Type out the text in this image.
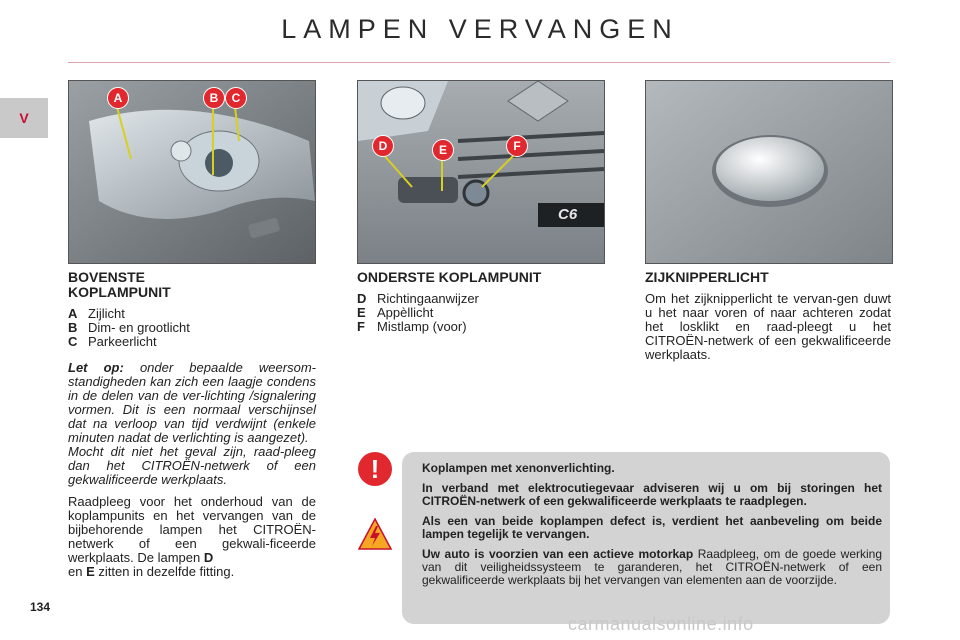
LAMPEN VERVANGEN
V
A	B	C
D	E	F
C6
BOVENSTE
KOPLAMPUNIT
A Zijlicht
B Dim- en grootlicht
C Parkeerlicht

Let op: onder bepaalde weersom-standigheden kan zich een laagje condens in de delen van de ver-lichting /signalering vormen. Dit is een normaal verschijnsel dat na verloop van tijd verdwijnt (enkele minuten nadat de verlichting is aangezet).

Mocht dit niet het geval zijn, raad-pleeg dan het CITROËN-netwerk of een gekwalificeerde werkplaats.

Raadpleeg voor het onderhoud van de koplampunits en het vervangen van de bijbehorende lampen het CITROËN-netwerk of een gekwali-ficeerde werkplaats. De lampen D
en E zitten in dezelfde fitting.

ONDERSTE KOPLAMPUNIT
D Richtingaanwijzer
E Appèllicht
F Mistlamp (voor)
ZIJKNIPPERLICHT

Om het zijknipperlicht te vervan-gen duwt u het naar voren of naar achteren zodat het losklikt en raad-pleegt u het CITROËN-netwerk of een gekwalificeerde werkplaats.

!	Koplampen met xenonverlichting.

In verband met elektrocutiegevaar adviseren wij u om bij storingen het CITROËN-netwerk of een gekwalificeerde werkplaats te raadplegen.

Als een van beide koplampen defect is, verdient het aanbeveling om beide lampen tegelijk te vervangen.

Uw auto is voorzien van een actieve motorkap Raadpleeg, om de goede werking van dit veiligheidssysteem te garanderen, het CITROËN-netwerk of een gekwalificeerde werkplaats bij het vervangen van elementen aan de voorzijde.

134
carmanualsonline.info
